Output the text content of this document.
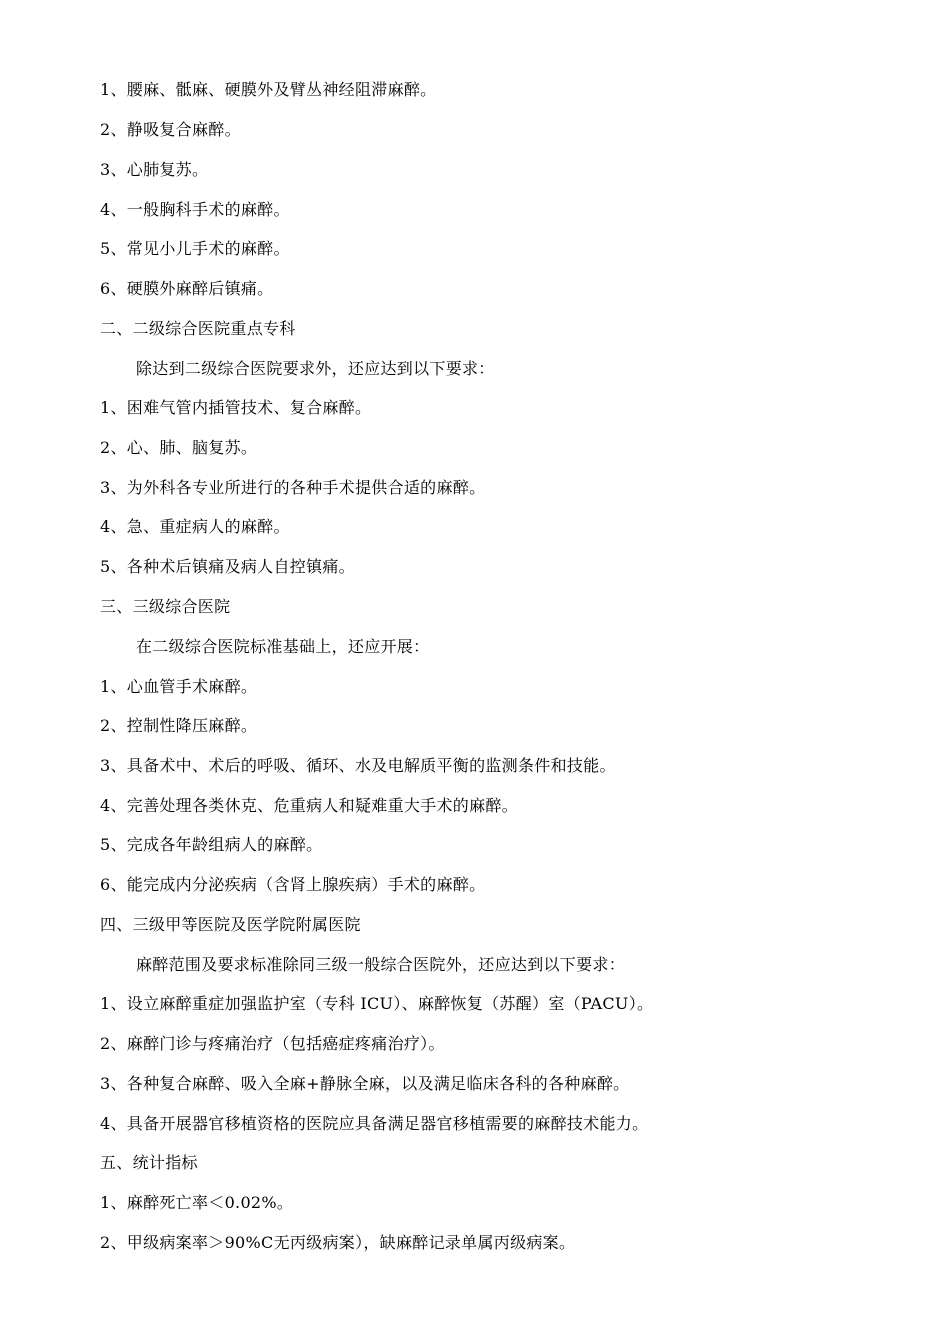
1、腰麻、骶麻、硬膜外及臂丛神经阻滞麻醉。
2、静吸复合麻醉。
3、心肺复苏。
4、一般胸科手术的麻醉。
5、常见小儿手术的麻醉。
6、硬膜外麻醉后镇痛。
二、二级综合医院重点专科
除达到二级综合医院要求外，还应达到以下要求：
1、困难气管内插管技术、复合麻醉。
2、心、肺、脑复苏。
3、为外科各专业所进行的各种手术提供合适的麻醉。
4、急、重症病人的麻醉。
5、各种术后镇痛及病人自控镇痛。
三、三级综合医院
在二级综合医院标准基础上，还应开展：
1、心血管手术麻醉。
2、控制性降压麻醉。
3、具备术中、术后的呼吸、循环、水及电解质平衡的监测条件和技能。
4、完善处理各类休克、危重病人和疑难重大手术的麻醉。
5、完成各年龄组病人的麻醉。
6、能完成内分泌疾病（含肾上腺疾病）手术的麻醉。
四、三级甲等医院及医学院附属医院
麻醉范围及要求标准除同三级一般综合医院外，还应达到以下要求：
1、设立麻醉重症加强监护室（专科 ICU）、麻醉恢复（苏醒）室（PACU）。
2、麻醉门诊与疼痛治疗（包括癌症疼痛治疗）。
3、各种复合麻醉、吸入全麻+静脉全麻，以及满足临床各科的各种麻醉。
4、具备开展器官移植资格的医院应具备满足器官移植需要的麻醉技术能力。
五、统计指标
1、麻醉死亡率＜0.02%。
2、甲级病案率＞90%C无丙级病案），缺麻醉记录单属丙级病案。
